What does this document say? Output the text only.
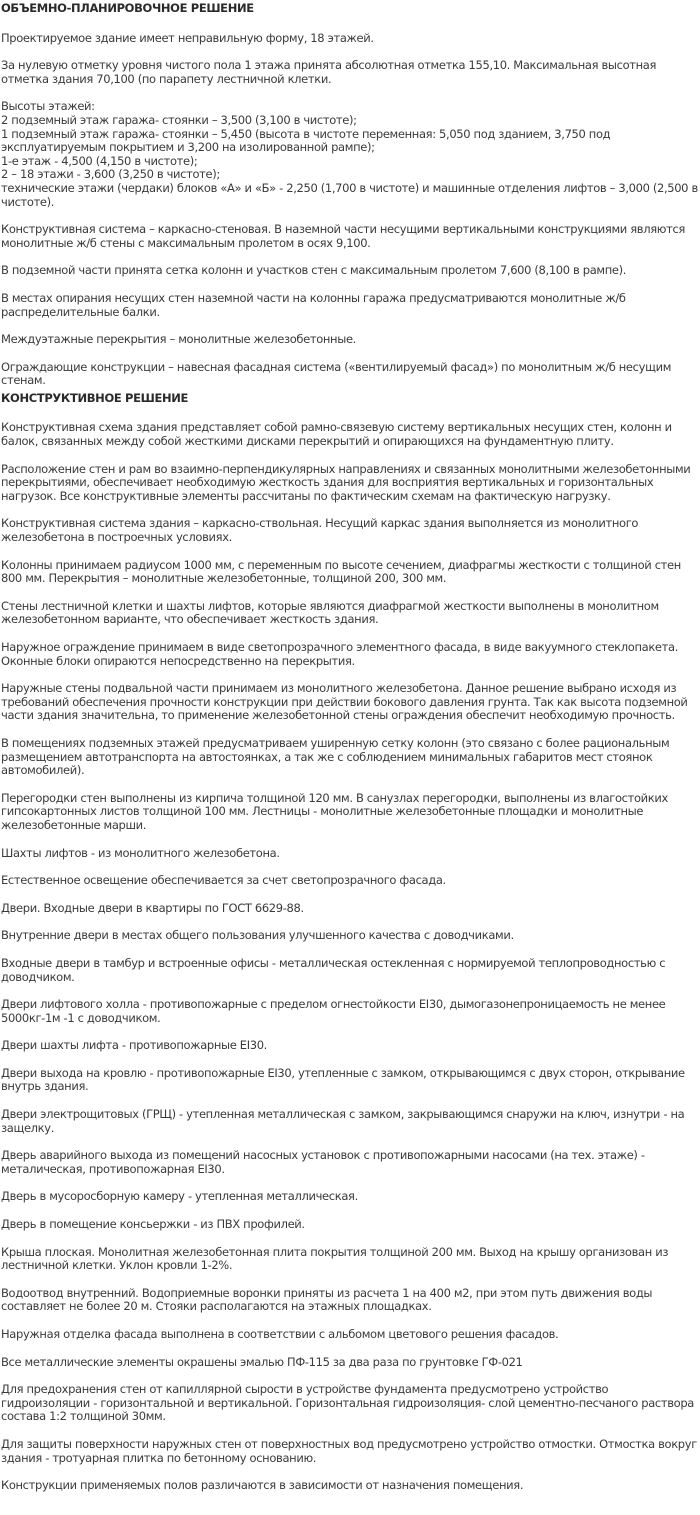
ОБЪЕМНО-ПЛАНИРОВОЧНОЕ РЕШЕНИЕ

Проектируемое здание имеет неправильную форму, 18 этажей.

За нулевую отметку уровня чистого пола 1 этажа принята абсолютная отметка 155,10. Максимальная высотная отметка здания 70,100 (по парапету лестничной клетки.

Высоты этажей:
2 подземный этаж гаража- стоянки – 3,500 (3,100 в чистоте);
1 подземный этаж гаража- стоянки – 5,450 (высота в чистоте переменная: 5,050 под зданием, 3,750 под эксплуатируемым покрытием и 3,200 на изолированной рампе);
1-е этаж - 4,500 (4,150 в чистоте);
2 – 18 этажи - 3,600 (3,250 в чистоте);
технические этажи (чердаки) блоков «А» и «Б» - 2,250 (1,700 в чистоте) и машинные отделения лифтов – 3,000 (2,500 в чистоте).

Конструктивная система – каркасно-стеновая. В наземной части несущими вертикальными конструкциями являются монолитные ж/б стены с максимальным пролетом в осях 9,100.

В подземной части принята сетка колонн и участков стен с максимальным пролетом 7,600 (8,100 в рампе).

В местах опирания несущих стен наземной части на колонны гаража предусматриваются монолитные ж/б распределительные балки.

Междуэтажные перекрытия – монолитные железобетонные.

Ограждающие конструкции – навесная фасадная система («вентилируемый фасад») по монолитным ж/б несущим стенам.

КОНСТРУКТИВНОЕ РЕШЕНИЕ

Конструктивная схема здания представляет собой рамно-связевую систему вертикальных несущих стен, колонн и балок, связанных между собой жесткими дисками перекрытий и опирающихся на фундаментную плиту.

Расположение стен и рам во взаимно-перпендикулярных направлениях и связанных монолитными железобетонными перекрытиями, обеспечивает необходимую жесткость здания для восприятия вертикальных и горизонтальных нагрузок. Все конструктивные элементы рассчитаны по фактическим схемам на фактическую нагрузку.

Конструктивная система здания – каркасно-ствольная. Несущий каркас здания выполняется из монолитного железобетона в построечных условиях.

Колонны принимаем радиусом 1000 мм, с переменным по высоте сечением, диафрагмы жесткости с толщиной стен 800 мм. Перекрытия – монолитные железобетонные, толщиной 200, 300 мм.

Стены лестничной клетки и шахты лифтов, которые являются диафрагмой жесткости выполнены в монолитном железобетонном варианте, что обеспечивает жесткость здания.

Наружное ограждение принимаем в виде светопрозрачного элементного фасада, в виде вакуумного стеклопакета. Оконные блоки опираются непосредственно на перекрытия.

Наружные стены подвальной части принимаем из монолитного железобетона. Данное решение выбрано исходя из требований обеспечения прочности конструкции при действии бокового давления грунта. Так как высота подземной части здания значительна, то применение железобетонной стены ограждения обеспечит необходимую прочность.

В помещениях подземных этажей предусматриваем уширенную сетку колонн (это связано с более рациональным размещением автотранспорта на автостоянках, а так же с соблюдением минимальных габаритов мест стоянок автомобилей).

Перегородки стен выполнены из кирпича толщиной 120 мм. В санузлах перегородки, выполнены из влагостойких гипсокартонных листов толщиной 100 мм. Лестницы - монолитные железобетонные площадки и монолитные железобетонные марши.

Шахты лифтов - из монолитного железобетона.

Естественное освещение обеспечивается за счет светопрозрачного фасада.

Двери. Входные двери в квартиры по ГОСТ 6629-88.

Внутренние двери в местах общего пользования улучшенного качества с доводчиками.

Входные двери в тамбур и встроенные офисы - металлическая остекленная с нормируемой теплопроводностью с доводчиком.

Двери лифтового холла - противопожарные с пределом огнестойкости EI30, дымогазонепроницаемость не менее 5000кг-1м -1 с доводчиком.

Двери шахты лифта - противопожарные EI30.

Двери выхода на кровлю - противопожарные EI30, утепленные с замком, открывающимся с двух сторон, открывание внутрь здания.

Двери электрощитовых (ГРЩ) - утепленная металлическая с замком, закрывающимся снаружи на ключ, изнутри - на защелку.

Дверь аварийного выхода из помещений насосных установок с противопожарными насосами (на тех. этаже) - металическая, противопожарная EI30.

Дверь в мусоросборную камеру - утепленная металлическая.

Дверь в помещение консьержки - из ПВХ профилей.

Крыша плоская. Монолитная железобетонная плита покрытия толщиной 200 мм. Выход на крышу организован из лестничной клетки. Уклон кровли 1-2%.

Водоотвод внутренний. Водоприемные воронки приняты из расчета 1 на 400 м2, при этом путь движения воды составляет не более 20 м. Стояки располагаются на этажных площадках.

Наружная отделка фасада выполнена в соответствии с альбомом цветового решения фасадов.

Все металлические элементы окрашены эмалью ПФ-115 за два раза по грунтовке ГФ-021

Для предохранения стен от капиллярной сырости в устройстве фундамента предусмотрено устройство гидроизоляции - горизонтальной и вертикальной. Горизонтальная гидроизоляция- слой цементно-песчаного раствора состава 1:2 толщиной 30мм.

Для защиты поверхности наружных стен от поверхностных вод предусмотрено устройство отмостки. Отмостка вокруг здания - тротуарная плитка по бетонному основанию.

Конструкции применяемых полов различаются в зависимости от назначения помещения.
